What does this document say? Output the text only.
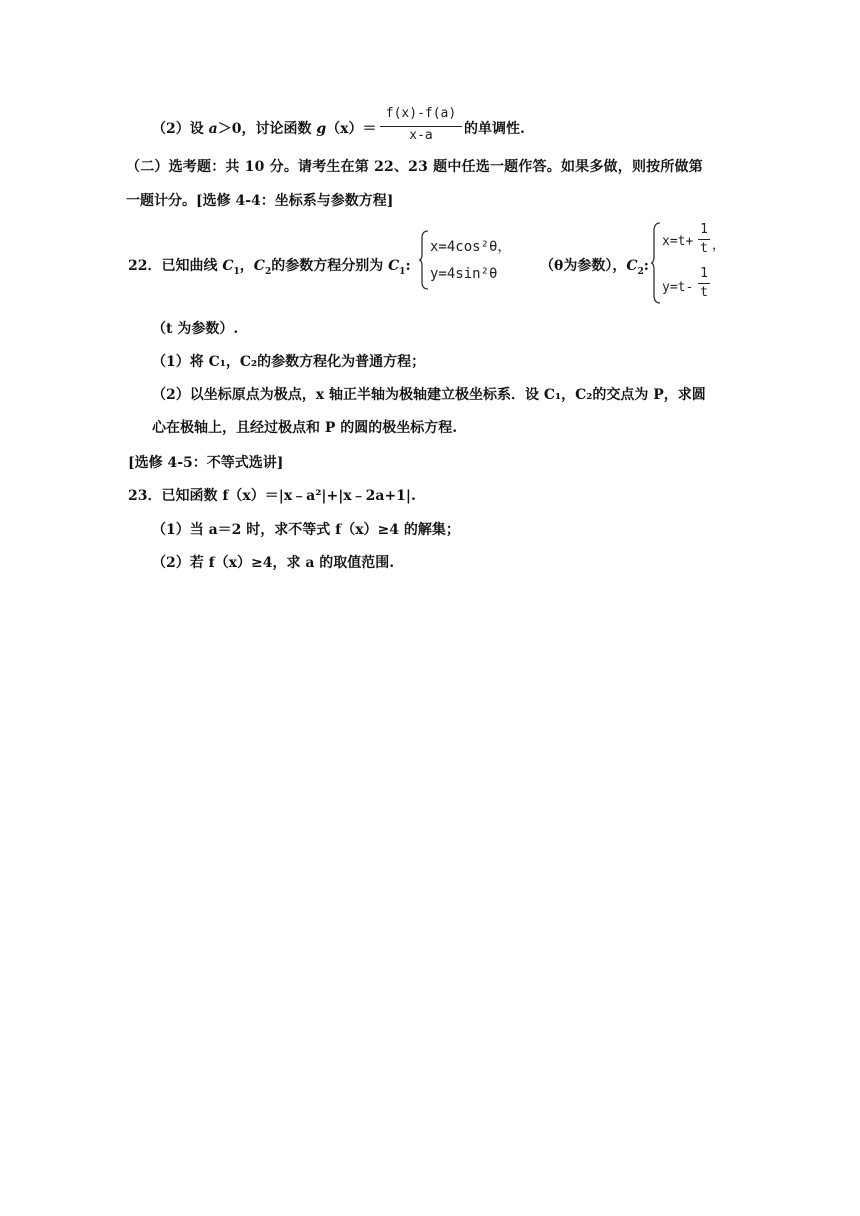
（2）设 a＞0，讨论函数 g（x）＝
f(x)-f(a)
x-a	的单调性.
（二）选考题：共 10 分。请考生在第 22、23 题中任选一题作答。如果多做，则按所做第
一题计分。[选修 4-4：坐标系与参数方程]
22．已知曲线 $C_1$，$C_2$的参数方程分别为 $C_1$:
x=4cos²θ，
y=4sin²θ	（θ为参数），$C_2$:
x=t+
1
t ，
y=t-
1
t
（t 为参数）.
（1）将 C₁，C₂的参数方程化为普通方程；
（2）以坐标原点为极点，x 轴正半轴为极轴建立极坐标系．设 C₁，C₂的交点为 P，求圆
心在极轴上，且经过极点和 P 的圆的极坐标方程.
[选修 4-5：不等式选讲]
23．已知函数 f（x）＝|x﹣a²|+|x﹣2a+1|.
（1）当 a＝2 时，求不等式 f（x）≥4 的解集；
（2）若 f（x）≥4，求 a 的取值范围.
